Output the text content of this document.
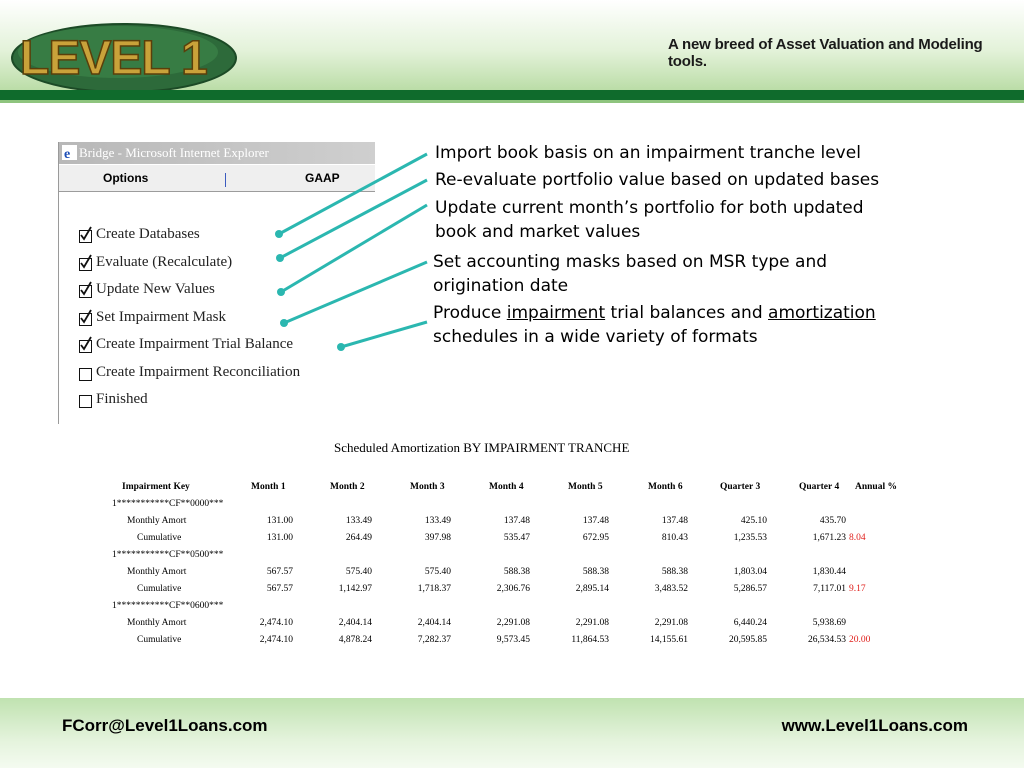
LEVEL 1	A new breed of Asset Valuation and Modeling tools.
e Bridge - Microsoft Internet Explorer
Options	GAAP
Create Databases
Evaluate (Recalculate)
Update New Values
Set Impairment Mask
Create Impairment Trial Balance
Create Impairment Reconciliation
Finished
Import book basis on an impairment tranche level
Re-evaluate portfolio value based on updated bases
Update current month’s portfolio for both updated
book and market values
Set accounting masks based on MSR type and
origination date
Produce impairment trial balances and amortization
schedules in a wide variety of formats
Scheduled Amortization BY IMPAIRMENT TRANCHE
Impairment Key	Month 1	Month 2	Month 3	Month 4	Month 5	Month 6	Quarter 3	Quarter 4 Annual %
1***********CF**0000***
Monthly Amort	131.00	133.49	133.49	137.48	137.48	137.48	425.10	435.70
Cumulative	131.00	264.49	397.98	535.47	672.95	810.43	1,235.53	1,671.23 8.04
1***********CF**0500***
Monthly Amort	567.57	575.40	575.40	588.38	588.38	588.38	1,803.04	1,830.44
Cumulative	567.57	1,142.97	1,718.37	2,306.76	2,895.14	3,483.52	5,286.57	7,117.01 9.17
1***********CF**0600***
Monthly Amort	2,474.10	2,404.14	2,404.14	2,291.08	2,291.08	2,291.08	6,440.24	5,938.69
Cumulative	2,474.10	4,878.24	7,282.37	9,573.45	11,864.53	14,155.61	20,595.85	26,534.53 20.00
FCorr@Level1Loans.com	www.Level1Loans.com
